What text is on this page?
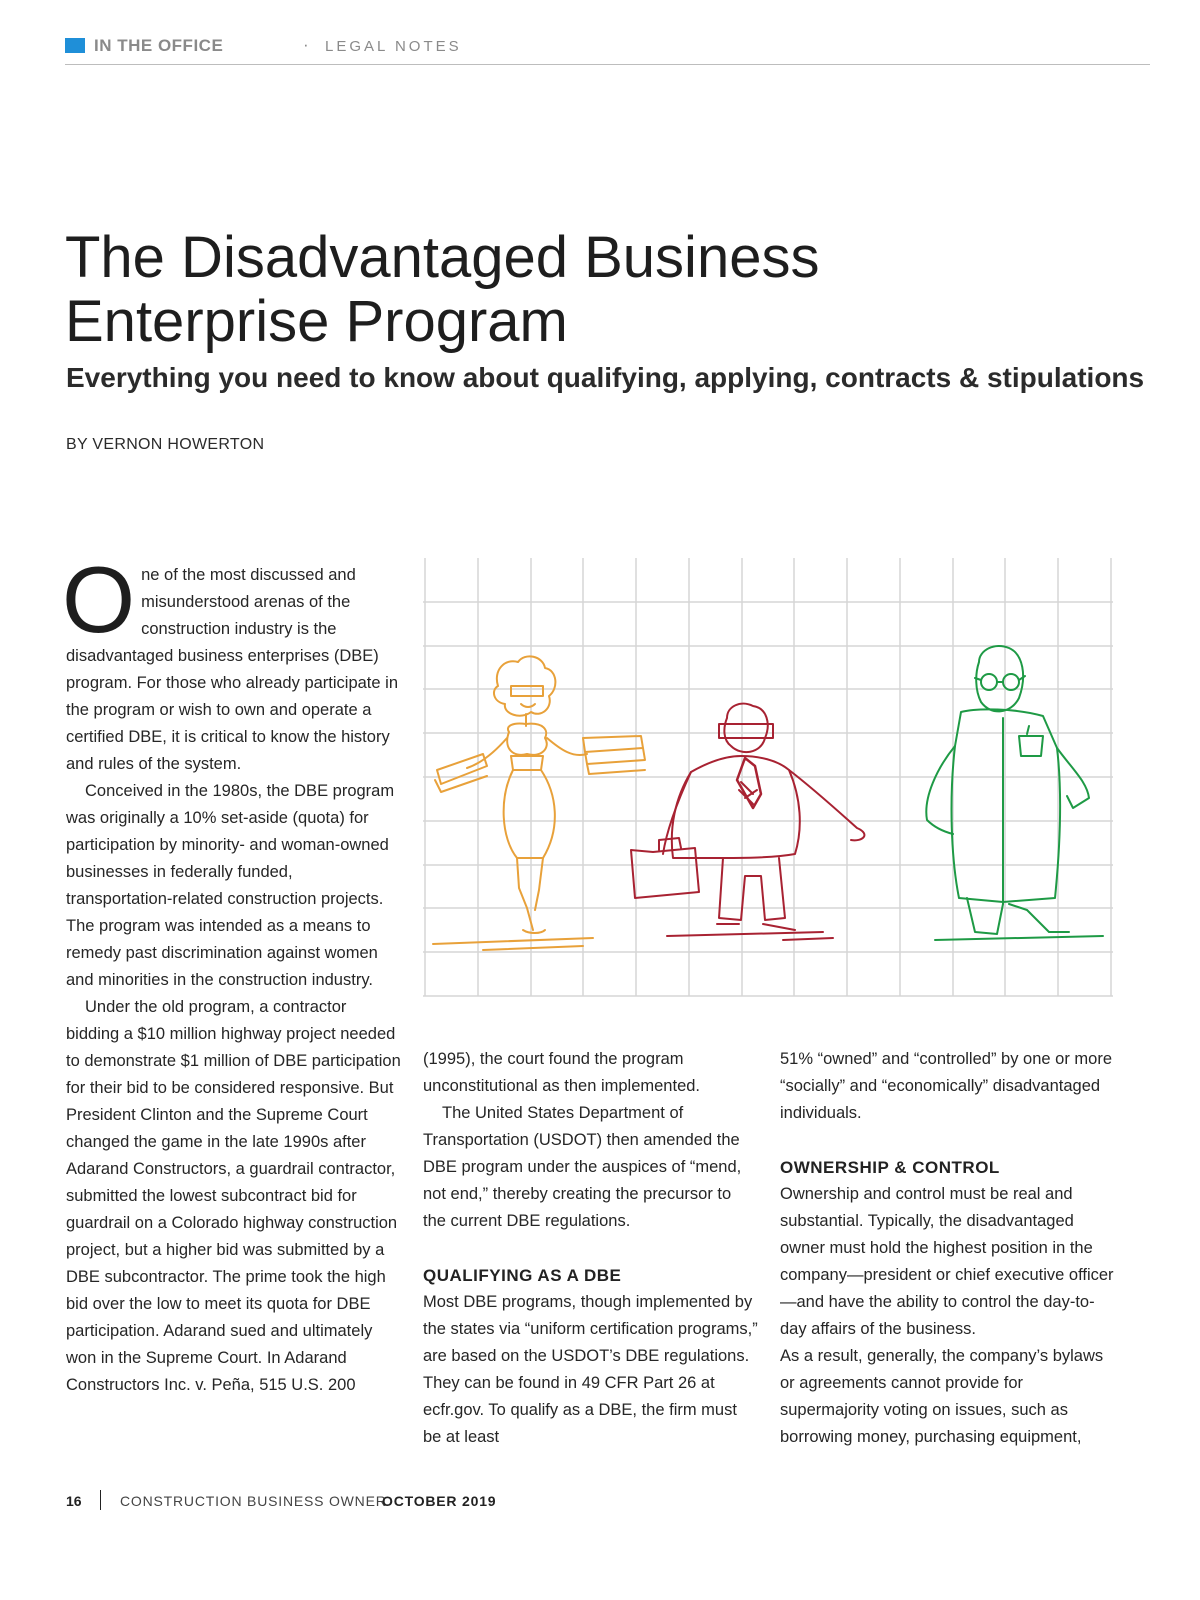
IN THE OFFICE	· LEGAL NOTES
The Disadvantaged Business
Enterprise Program
Everything you need to know about qualifying, applying, contracts & stipulations
BY VERNON HOWERTON

One of the most discussed and misunderstood arenas of the construction industry is the disadvantaged business enterprises (DBE) program. For those who already participate in the program or wish to own and operate a certified DBE, it is critical to know the history and rules of the system.

Conceived in the 1980s, the DBE program was originally a 10% set-aside (quota) for participation by minority- and woman-owned businesses in federally funded, transportation-related construction projects. The program was intended as a means to remedy past discrimination against women and minorities in the construction industry.

Under the old program, a contractor bidding a $10 million highway project needed to demonstrate $1 million of DBE participation for their bid to be considered responsive. But President Clinton and the Supreme Court changed the game in the late 1990s after Adarand Constructors, a guardrail contractor, submitted the lowest subcontract bid for guardrail on a Colorado highway construction project, but a higher bid was submitted by a DBE subcontractor. The prime took the high bid over the low to meet its quota for DBE participation. Adarand sued and ultimately won in the Supreme Court. In Adarand Constructors Inc. v. Peña, 515 U.S. 200

(1995), the court found the program unconstitutional as then implemented.

The United States Department of Transportation (USDOT) then amended the DBE program under the auspices of “mend, not end,” thereby creating the precursor to the current DBE regulations.

QUALIFYING AS A DBE

Most DBE programs, though implemented by the states via “uniform certification programs,” are based on the USDOT’s DBE regulations. They can be found in 49 CFR Part 26 at ecfr.gov. To qualify as a DBE, the firm must be at least

51% “owned” and “controlled” by one or more “socially” and “economically” disadvantaged individuals.

OWNERSHIP & CONTROL

Ownership and control must be real and substantial. Typically, the disadvantaged owner must hold the highest position in the company—president or chief executive officer—and have the ability to control the day-to-day affairs of the business.

As a result, generally, the company’s bylaws or agreements cannot provide for supermajority voting on issues, such as borrowing money, purchasing equipment,

16	CONSTRUCTION BUSINESS OWNER
OCTOBER 2019
